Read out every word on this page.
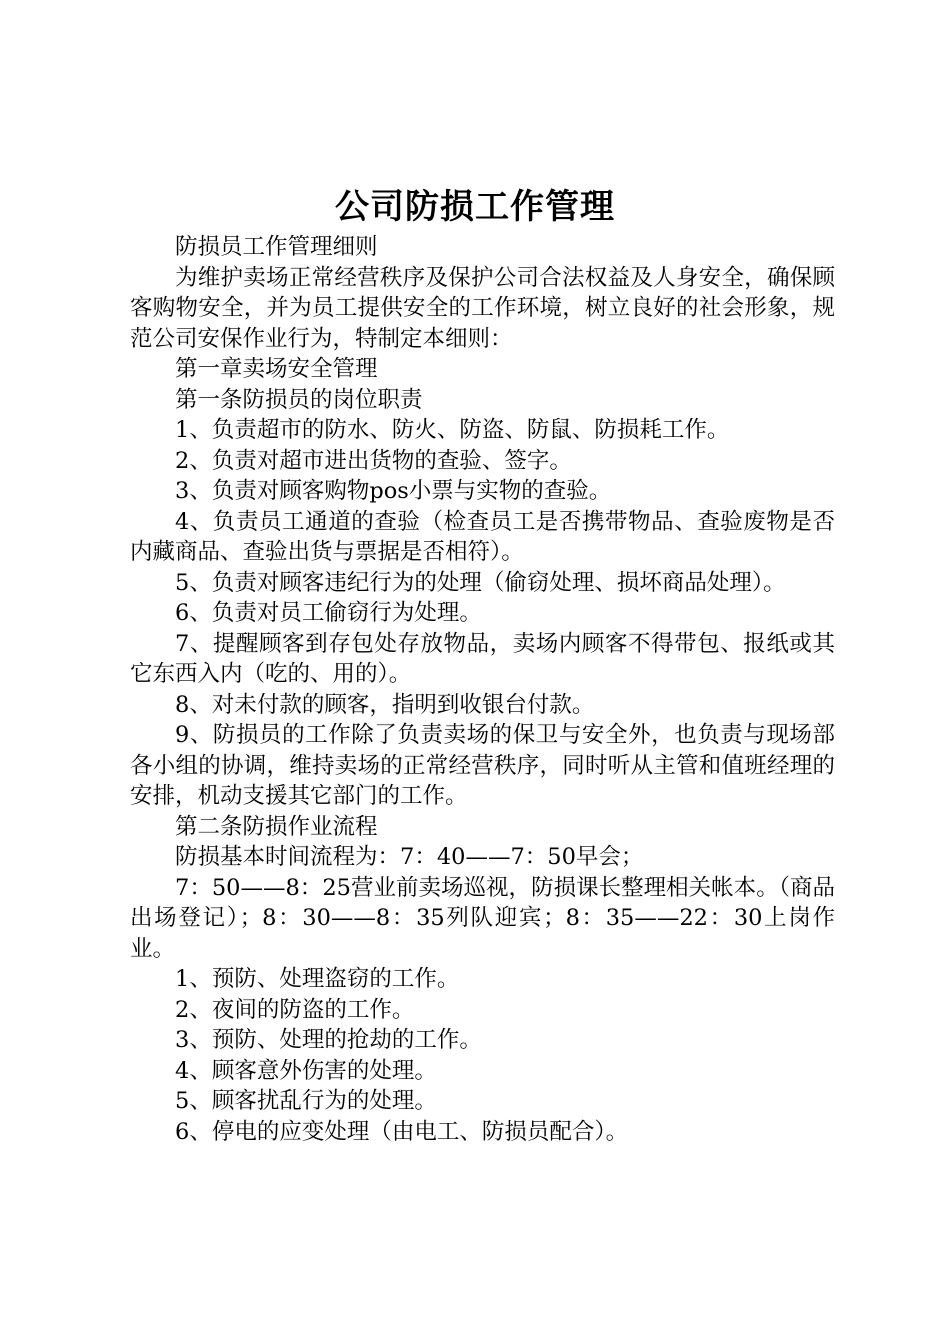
公司防损工作管理

防损员工作管理细则

为维护卖场正常经营秩序及保护公司合法权益及人身安全，确保顾客购物安全，并为员工提供安全的工作环境，树立良好的社会形象，规范公司安保作业行为，特制定本细则：

第一章卖场安全管理

第一条防损员的岗位职责

1、负责超市的防水、防火、防盗、防鼠、防损耗工作。

2、负责对超市进出货物的查验、签字。

3、负责对顾客购物pos小票与实物的查验。

4、负责员工通道的查验（检查员工是否携带物品、查验废物是否内藏商品、查验出货与票据是否相符）。

5、负责对顾客违纪行为的处理（偷窃处理、损坏商品处理）。

6、负责对员工偷窃行为处理。

7、提醒顾客到存包处存放物品，卖场内顾客不得带包、报纸或其它东西入内（吃的、用的）。

8、对未付款的顾客，指明到收银台付款。

9、防损员的工作除了负责卖场的保卫与安全外，也负责与现场部各小组的协调，维持卖场的正常经营秩序，同时听从主管和值班经理的安排，机动支援其它部门的工作。

第二条防损作业流程

防损基本时间流程为：7：40——7：50早会；

7：50——8：25营业前卖场巡视，防损课长整理相关帐本。（商品出场登记）；8：30——8：35列队迎宾；8：35——22：30上岗作业。

1、预防、处理盗窃的工作。

2、夜间的防盗的工作。

3、预防、处理的抢劫的工作。

4、顾客意外伤害的处理。

5、顾客扰乱行为的处理。

6、停电的应变处理（由电工、防损员配合）。
